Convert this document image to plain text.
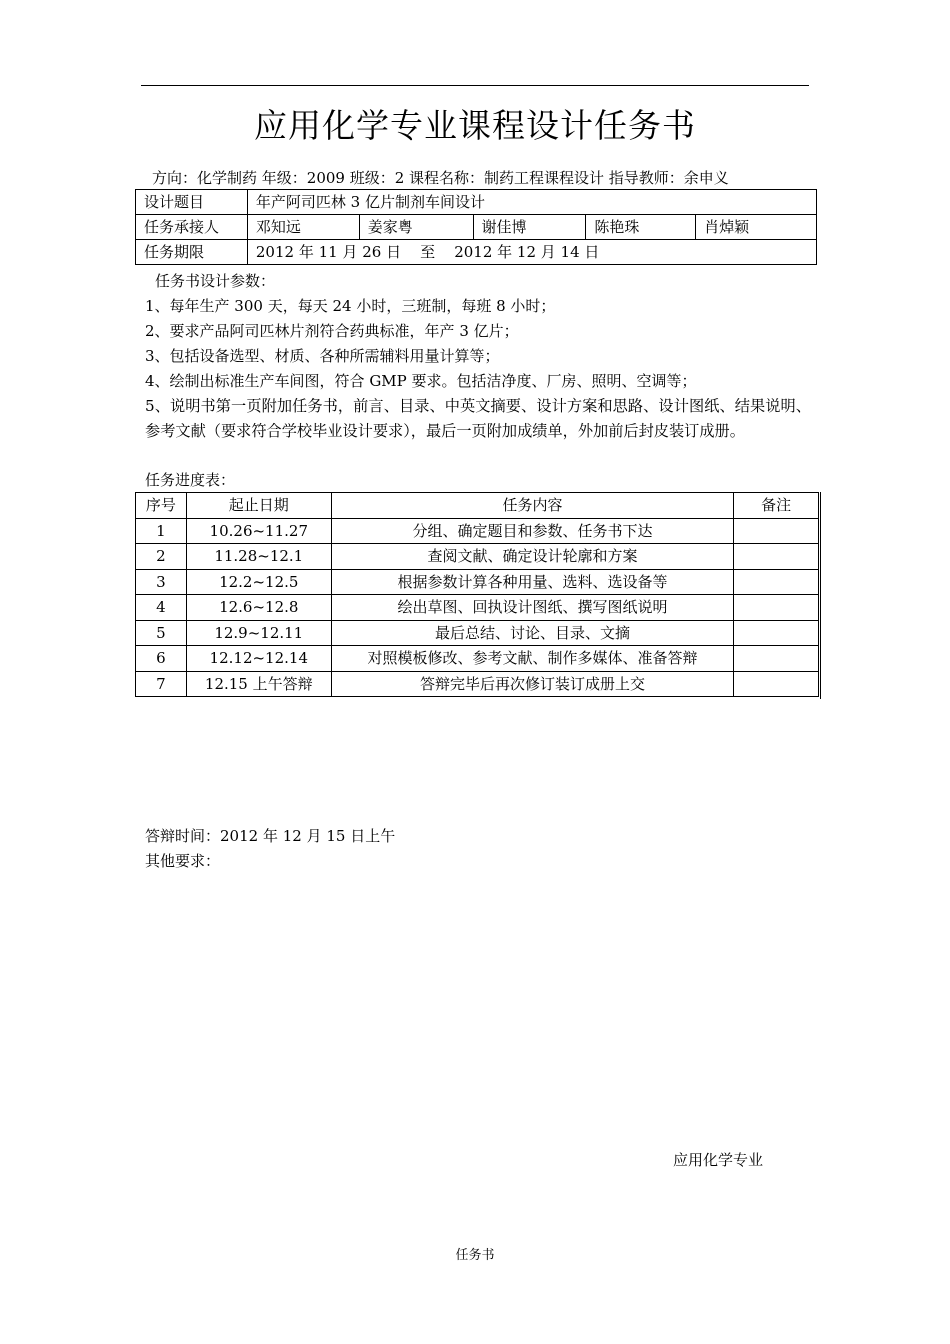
应用化学专业课程设计任务书
方向：化学制药 年级：2009 班级：2 课程名称：制药工程课程设计 指导教师：余申义
设计题目	年产阿司匹林 3 亿片制剂车间设计				
任务承接人	邓知远	姜家粤	谢佳博	陈艳珠	肖焯颖
任务期限	2012 年 11 月 26 日    至    2012 年 12 月 14 日				
任务书设计参数：
1、每年生产 300 天，每天 24 小时，三班制，每班 8 小时；
2、要求产品阿司匹林片剂符合药典标准，年产 3 亿片；
3、包括设备选型、材质、各种所需辅料用量计算等；
4、绘制出标准生产车间图，符合 GMP 要求。包括洁净度、厂房、照明、空调等；
5、说明书第一页附加任务书，前言、目录、中英文摘要、设计方案和思路、设计图纸、结果说明、参考文献（要求符合学校毕业设计要求），最后一页附加成绩单，外加前后封皮装订成册。
任务进度表：
序号	起止日期	任务内容	备注
1	10.26~11.27	分组、确定题目和参数、任务书下达	
2	11.28~12.1	查阅文献、确定设计轮廓和方案	
3	12.2~12.5	根据参数计算各种用量、选料、选设备等	
4	12.6~12.8	绘出草图、回执设计图纸、撰写图纸说明	
5	12.9~12.11	最后总结、讨论、目录、文摘	
6	12.12~12.14	对照模板修改、参考文献、制作多媒体、准备答辩	
7	12.15 上午答辩	答辩完毕后再次修订装订成册上交	
答辩时间：2012 年 12 月 15 日上午
其他要求：
应用化学专业
任务书
